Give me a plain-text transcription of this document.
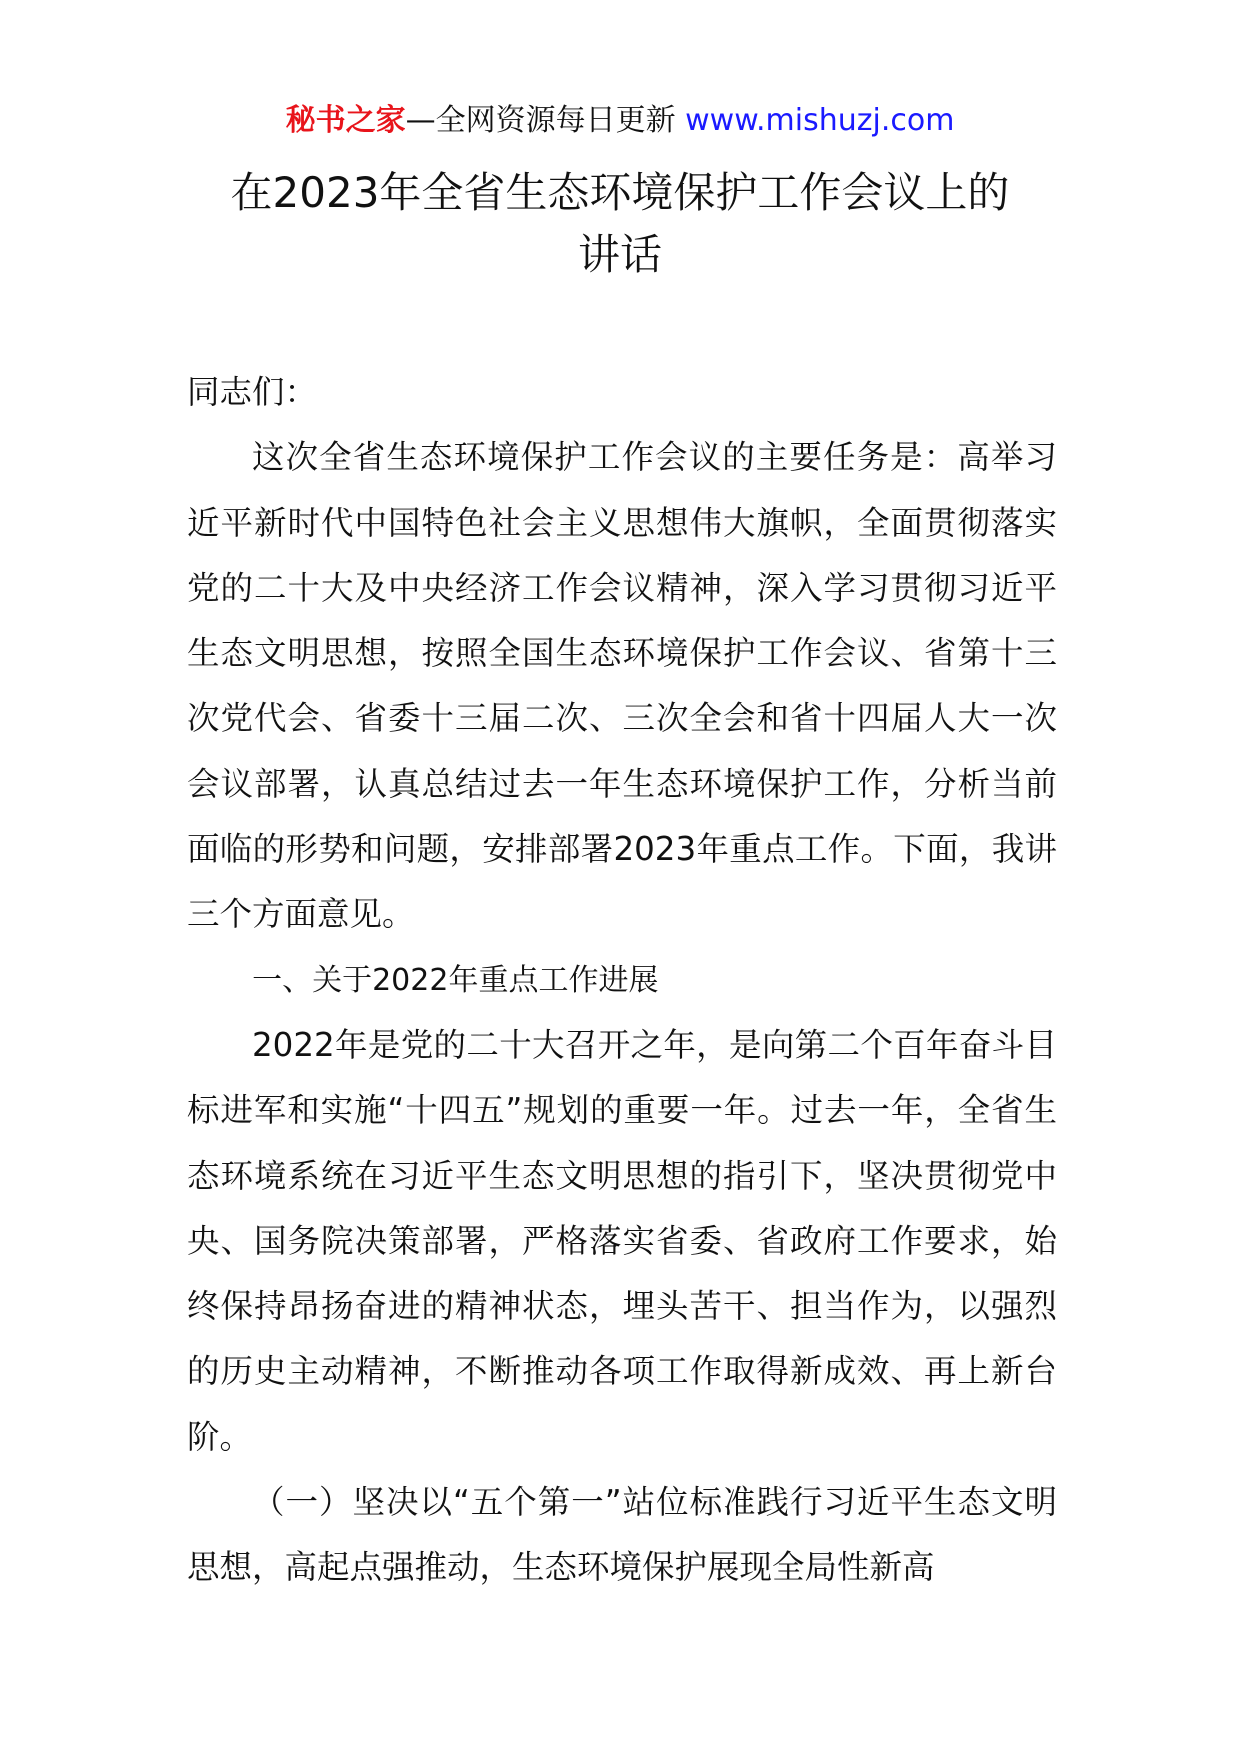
秘书之家—全网资源每日更新 www.mishuzj.com
在2023年全省生态环境保护工作会议上的
讲话

同志们：

这次全省生态环境保护工作会议的主要任务是：高举习近平新时代中国特色社会主义思想伟大旗帜，全面贯彻落实党的二十大及中央经济工作会议精神，深入学习贯彻习近平生态文明思想，按照全国生态环境保护工作会议、省第十三次党代会、省委十三届二次、三次全会和省十四届人大一次会议部署，认真总结过去一年生态环境保护工作，分析当前面临的形势和问题，安排部署2023年重点工作。下面，我讲三个方面意见。

一、关于2022年重点工作进展

2022年是党的二十大召开之年，是向第二个百年奋斗目标进军和实施“十四五”规划的重要一年。过去一年，全省生态环境系统在习近平生态文明思想的指引下，坚决贯彻党中央、国务院决策部署，严格落实省委、省政府工作要求，始终保持昂扬奋进的精神状态，埋头苦干、担当作为，以强烈的历史主动精神，不断推动各项工作取得新成效、再上新台阶。

（一）坚决以“五个第一”站位标准践行习近平生态文明思想，高起点强推动，生态环境保护展现全局性新高
